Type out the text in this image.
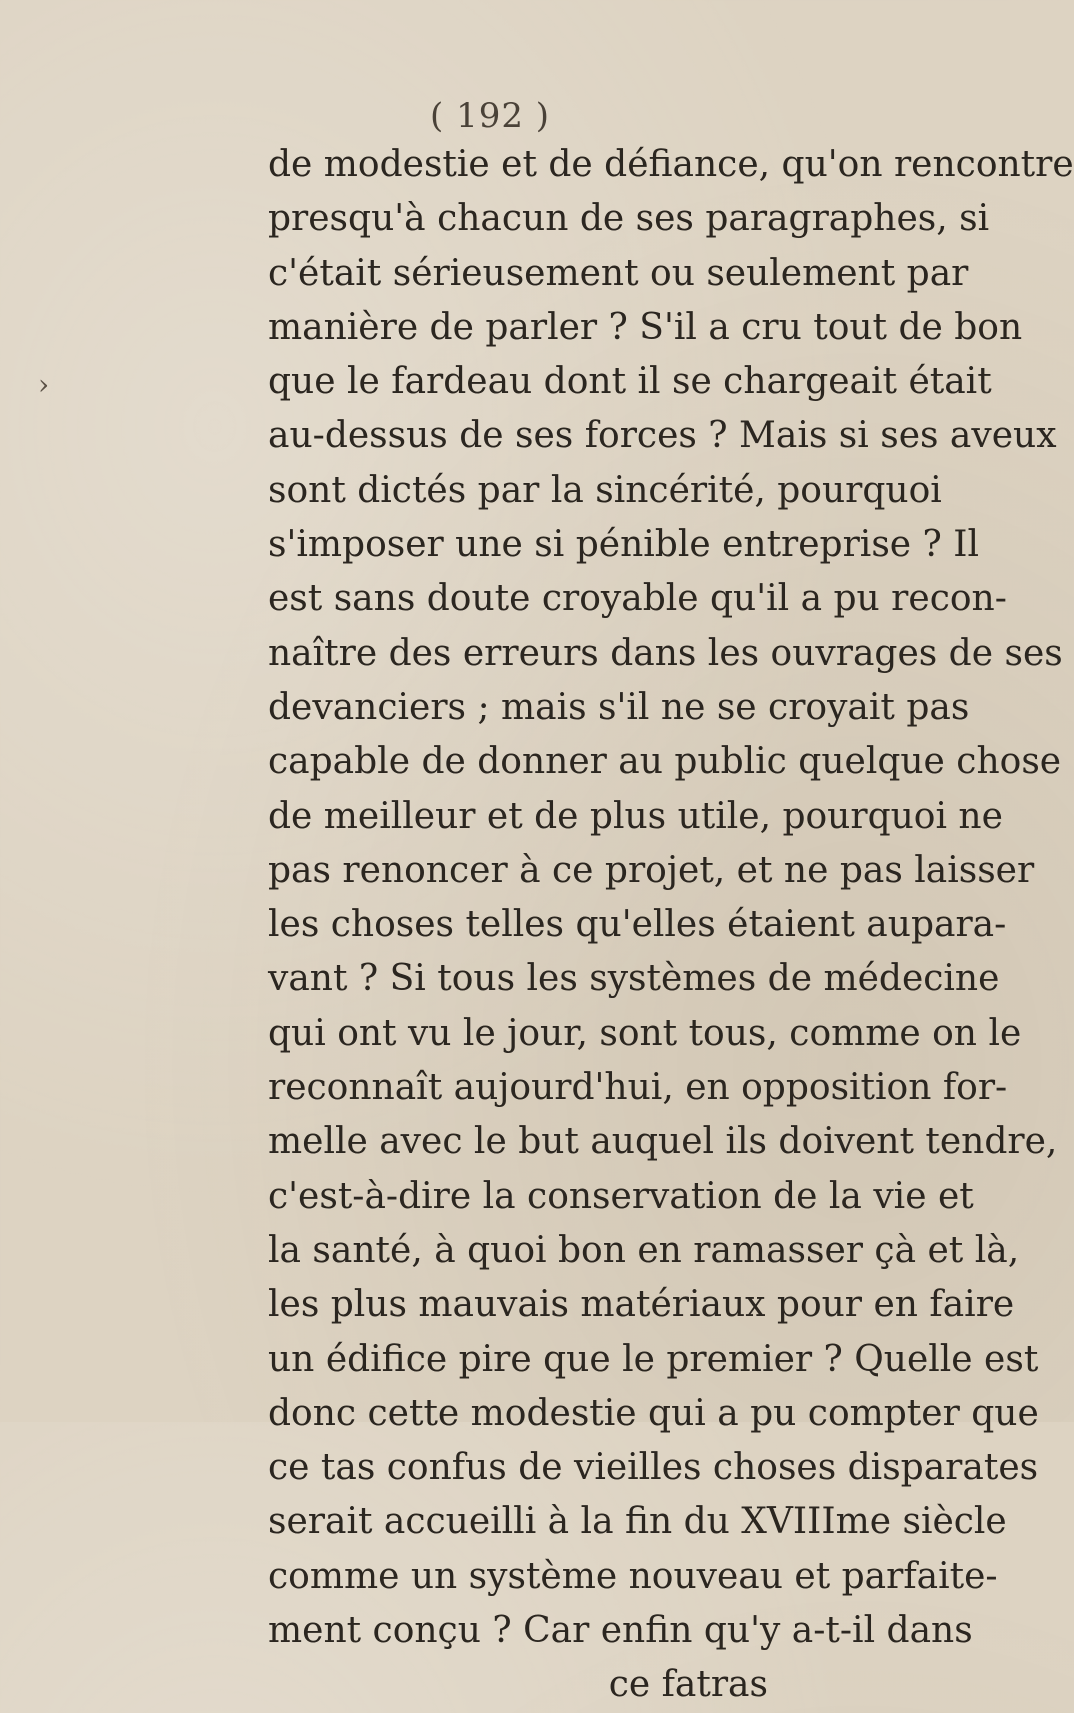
( 192 )
›
de modestie et de défiance, qu'on rencontre
presqu'à chacun de ses paragraphes, si
c'était sérieusement ou seulement par
manière de parler ? S'il a cru tout de bon
que le fardeau dont il se chargeait était
au-dessus de ses forces ? Mais si ses aveux
sont dictés par la sincérité, pourquoi
s'imposer une si pénible entreprise ? Il
est sans doute croyable qu'il a pu recon-
naître des erreurs dans les ouvrages de ses
devanciers ; mais s'il ne se croyait pas
capable de donner au public quelque chose
de meilleur et de plus utile, pourquoi ne
pas renoncer à ce projet, et ne pas laisser
les choses telles qu'elles étaient aupara-
vant ? Si tous les systèmes de médecine
qui ont vu le jour, sont tous, comme on le
reconnaît aujourd'hui, en opposition for-
melle avec le but auquel ils doivent tendre,
c'est-à-dire la conservation de la vie et
la santé, à quoi bon en ramasser çà et là,
les plus mauvais matériaux pour en faire
un édifice pire que le premier ? Quelle est
donc cette modestie qui a pu compter que
ce tas confus de vieilles choses disparates
serait accueilli à la fin du XVIIIme siècle
comme un système nouveau et parfaite-
ment conçu ? Car enfin qu'y a-t-il dans
ce fatras
